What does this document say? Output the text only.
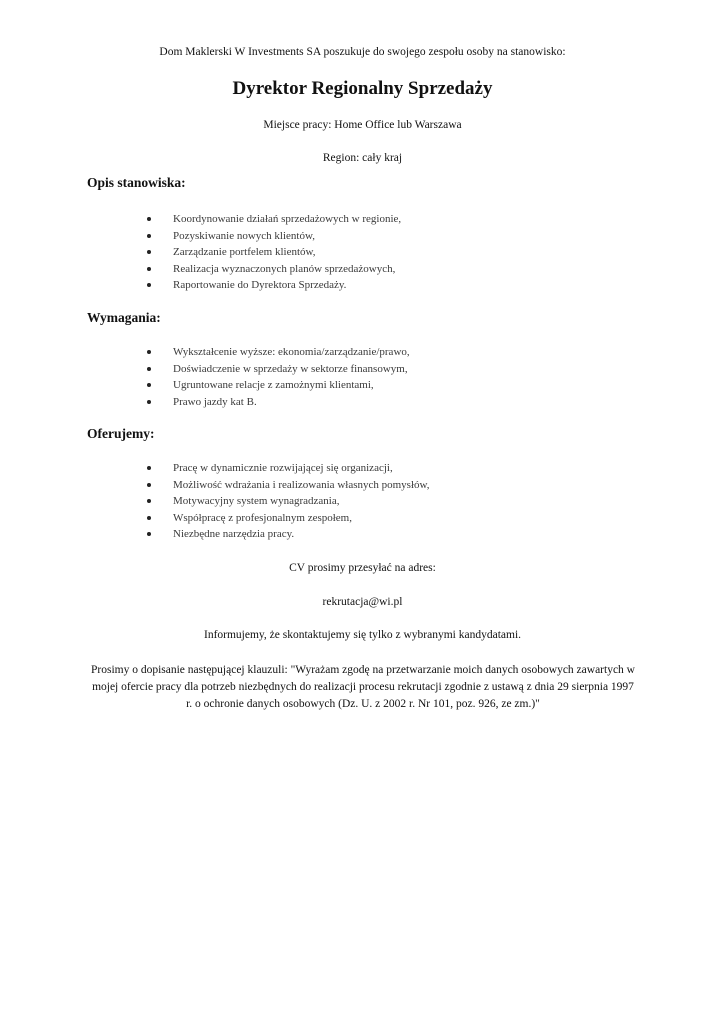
Dom Maklerski W Investments SA poszukuje do swojego zespołu osoby na stanowisko:
Dyrektor Regionalny Sprzedaży
Miejsce pracy: Home Office lub Warszawa
Region: cały kraj
Opis stanowiska:
Koordynowanie działań sprzedażowych w regionie,
Pozyskiwanie nowych klientów,
Zarządzanie portfelem klientów,
Realizacja wyznaczonych planów sprzedażowych,
Raportowanie do Dyrektora Sprzedaży.
Wymagania:
Wykształcenie wyższe: ekonomia/zarządzanie/prawo,
Doświadczenie w sprzedaży w sektorze finansowym,
Ugruntowane relacje z zamożnymi klientami,
Prawo jazdy kat B.
Oferujemy:
Pracę w dynamicznie rozwijającej się organizacji,
Możliwość wdrażania i realizowania własnych pomysłów,
Motywacyjny system wynagradzania,
Współpracę z profesjonalnym zespołem,
Niezbędne narzędzia pracy.
CV prosimy przesyłać na adres:
rekrutacja@wi.pl
Informujemy, że skontaktujemy się tylko z wybranymi kandydatami.
Prosimy o dopisanie następującej klauzuli: "Wyrażam zgodę na przetwarzanie moich danych osobowych zawartych w
mojej ofercie pracy dla potrzeb niezbędnych do realizacji procesu rekrutacji zgodnie z ustawą z dnia 29 sierpnia 1997
r. o ochronie danych osobowych (Dz. U. z 2002 r. Nr 101, poz. 926, ze zm.)"
